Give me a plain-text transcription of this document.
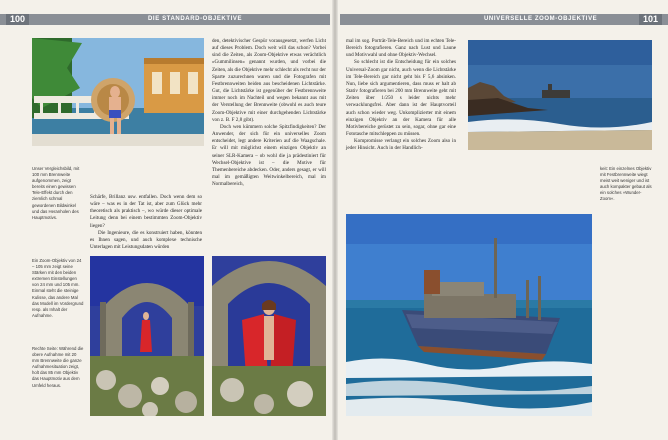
100	DIE STANDARD-OBJEKTIVE	UNIVERSELLE ZOOM-OBJEKTIVE	101
Unser Vergleichsbild, mit 100 mm Brennweite aufgenommen, zeigt bereits einen gewissen Tele-Effekt durch den ziemlich schmal gewordenen Bildwinkel und das Heranholen des Hauptmotivs.
Ein Zoom-Objektiv von 24 – 105 mm zeigt seine Stärken mit den beiden extremen Einstellungen von 24 mm und 105 mm. Einmal steht die steinige Kulisse, das andere Mal das Modell im Vordergrund resp. als Inhalt der Aufnahme.
Rechte Seite: Während die obere Aufnahme mit 20 mm Brennweite die ganze Aufnahmesituation zeigt, holt das 85 mm Objektiv das Hauptmotiv aus dem Umfeld heraus.

Schärfe, Brillanz usw. entfallen. Doch wenn dem so wäre – was es in der Tat ist, aber zum Glück mehr theoretisch als praktisch –, wo würde dieser optimale Leitung denn bei einem bestimmten Zoom-Objektiv liegen?

Die Ingenieure, die es konstruiert haben, könnten es Ihnen sagen, und auch komplexe technische Unterlagen mit Leistungsdaten würden

den, detektivischer Gespür vorausgesetzt, werfen Licht auf dieses Problem. Doch weit will das schon? Vorbei sind die Zeiten, als Zoom-Objektive etwas verächtlich »Gummilinsen« genannt wurden, und vorbei die Zeiten, als die Objektive mehr schlecht als recht nur der Sparte zuzurechnen waren und die Fotografen mit Festbrennweiten beiden aus bescheidenen Lichtstärke. Gut, die Lichtstärke ist gegenüber der Festbrennweite immer noch im Nachteil und wegen bekannt aus mit der Verstellung der Brennweite (obwohl es auch teure Zoom-Objektive mit einer durchgehenden Lichtstärke von z. B. F 2,8 gibt).

Doch wen kümmern solche Spitzfindigkeiten? Der Anwender, der sich für ein universelles Zoom entscheidet, legt andere Kriterien auf die Waagschale. Er will mit möglichst einem einzigen Objektiv an seiner SLR-Kamera – ob wohl die ja prädestiniert für Wechsel-Objektive ist – die Motive für Themenbereiche abdecken. Oder, anders gesagt, er will mal im gemäßigten Weitwinkelbereich, mal im Normalbereich,

mal im sog. Porträt-Tele-Bereich und im echten Tele-Bereich fotografieren. Ganz nach Lust und Laune und Motivwahl und ohne Objektiv-Wechsel.

So schlecht ist die Entscheidung für ein solches Universal-Zoom gar nicht, auch wenn die Lichtstärke im Tele-Bereich gar nicht geht bis F 5,6 absinken. Nun, liebe sich argumentieren, dass muss er halt ab Stativ fotografieren bei 200 mm Brennweite geht mit Zeiten über 1/250 s leider nichts mehr verwacklungsfrei. Aber dann ist der Hauptvorteil auch schon wieder weg. Unkomplizierter mit einem einzigen Objektiv an der Kamera für alle Motivbereiche gerüstet zu sein, sogar, ohne gar eine Fototasche mitschleppen zu müssen.

Kompromisse verlangt ein solches Zoom also in jeder Hinsicht. Auch in der Handlich-

keit: Ein einzelnes Objektiv mit Festbrennweite wiegt meist weit weniger und ist auch kompakter gebaut als ein solches »Wunder-Zoom«.
